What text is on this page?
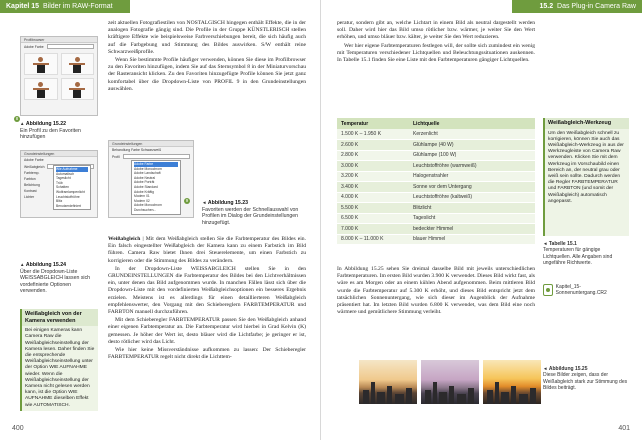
Kapitel 15 Bilder im RAW-Format bearbeiten
Profilbrowser
Adobe Farbe
8
▲ Abbildung 15.22
Ein Profil zu den Favoriten hinzufügen
Grundeinstellungen
Adobe Farbe
Weißabgleich
Farbtemp.
Farbton
Belichtung
Kontrast
Lichter
Wie Aufnahme
Automatisch
Tageslicht
Trüb
Schatten
Wolframlampenlicht
Leuchtstoffröhre
Blitz
Benutzerdefiniert
▲ Abbildung 15.24
Über die Dropdown-Liste WEISSABGLEICH lassen sich vordefinierte Optionen verwenden.
Weißabgleich von der Kamera verwenden
Bei einigen Kameras kann Camera Raw die Weißabgleichseinstellung der Kamera lesen. Daher finden Sie die entsprechende Weißabgleichseinstellung unter der Option WIE AUFNAHME wieder. Wenn die Weißabgleichseinstellung der Kamera nicht gelesen werden kann, ist die Option WIE AUFNAHME dieselben Effekt wie AUTOMATISCH.

zeit aktuellen Fotografiestilen von NOSTALGISCH hingegen enthält Effekte, die in der analogen Fotografie gängig sind. Die Profile in der Gruppe KÜNSTLERISCH stellen kräftigere Effekte wie beispielsweise Farbverschiebungen bereit, die sich häufig auch auf die Farbgebung und Stimmung des Bildes auswirken. S/W enthält reine Schwarzweißprofile.

Wenn Sie bestimmte Profile häufiger verwenden, können Sie diese im Profilbrowser zu den Favoriten hinzufügen, indem Sie auf das Sternsymbol 8 in der Miniaturvorschau der Rasteransicht klicken. Zu den Favoriten hinzugefügte Profile können Sie jetzt ganz komfortabel über die Dropdown-Liste von PROFIL 9 in den Grundeinstellungen auswählen.

Grundeinstellungen
Behandlung
Farbe
Schwarzweiß
Profil
Adobe Farbe
Adobe Monochrom
Adobe Landschaft
Adobe Neutral
Adobe Porträt
Adobe Standard
Adobe Kräftig
Modern 01
Modern 02
Adobe Monochrom
Durchsuchen...
9	◄ Abbildung 15.23
Favoriten werden der Schnellauswahl von Profilen im Dialog der Grundeinstellungen hinzugefügt.

Weißabgleich | Mit dem Weißabgleich stellen Sie die Farbtemperatur des Bildes ein. Ein falsch eingestellter Weißabgleich der Kamera kann zu einem Farbstich im Bild führen. Camera Raw bietet Ihnen drei Steuerelemente, um einen Farbstich zu korrigieren oder die Stimmung des Bildes zu verändern.

In der Dropdown-Liste WEISSABGLEICH stellen Sie in den GRUNDEINSTELLUNGEN die Farbtemperatur des Bildes bei den Lichtverhältnissen ein, unter denen das Bild aufgenommen wurde. In manchen Fällen lässt sich über die Dropdown-Liste mit den vordefinierten Weißabgleichsoptionen ein besseres Ergebnis erzielen. Meistens ist es allerdings für einen detaillierteren Weißabgleich empfehlenswerter, den Vorgang mit den Schiebereglern FARBTEMPERATUR und FARBTON manuell durchzuführen.

Mit dem Schieberegler FARBTEMPERATUR passen Sie den Weißabgleich anhand einer eigenen Farbtemperatur an. Die Farbtemperatur wird hierbei in Grad Kelvin (K) gemessen. Je höher der Wert ist, desto bläuer wird die Lichtfarbe; je geringer er ist, desto rötlicher wird das Licht.

Wie hier keine Missverständnisse aufkommen zu lassen: Der Schieberegler FARBTEMPERATUR regelt nicht direkt die Lichttem-

400
15.2 Das Plug-in Camera Raw

peratur, sondern gibt an, welche Lichtart in einem Bild als neutral dargestellt werden soll. Daher wird hier das Bild umso rötlicher bzw. wärmer, je weiter Sie den Wert erhöhen, und umso bläuer bzw. kälter, je weiter Sie den Wert reduzieren.

Wer hier eigene Farbtemperaturen festlegen will, der sollte sich zumindest ein wenig mit Temperaturen verschiedener Lichtquellen und Beleuchtungssituationen auskennen. In Tabelle 15.1 finden Sie eine Liste mit den Farbtemperaturen gängiger Lichtquellen.

Temperatur	Lichtquelle
1.500 K – 1.950 K	Kerzenlicht
2.600 K	Glühlampe (40 W)
2.800 K	Glühlampe (100 W)
3.000 K	Leuchtstoffröhre (warmweiß)
3.200 K	Halogenstrahler
3.400 K	Sonne vor dem Untergang
4.000 K	Leuchtstoffröhre (kaltweiß)
5.500 K	Blitzlicht
6.500 K	Tageslicht
7.000 K	bedeckter Himmel
8.000 K – 11.000 K	blauer Himmel

In Abbildung 15.25 sehen Sie dreimal dasselbe Bild mit jeweils unterschiedlichen Farbtemperaturen. Im ersten Bild wurden 3.900 K verwendet. Dieses Bild wirkt fast, als wäre es am Morgen oder an einem kühlen Abend aufgenommen. Beim mittleren Bild wurde die Farbtemperatur auf 5.300 K erhöht, und dieses Bild entspricht jetzt dem tatsächlichen Sonnenuntergang, wie sich dieser im Augenblick der Aufnahme präsentiert hat. Im letzten Bild wurden 6.800 K verwendet, was dem Bild eine noch wärmere und gemütlichere Stimmung verleiht.

Weißabgleich-Werkzeug
Um den Weißabgleich schnell zu korrigieren, können Sie auch das Weißabgleich-Werkzeug in aus der Werkzeugleiste von Camera Raw verwenden. Klicken Sie mit dem Werkzeug im Vorschaubild einen Bereich an, der neutral grau oder weiß sein sollte. Dadurch werden die Regler FARBTEMPERATUR und FARBTON (und somit der Weißabgleich) automatisch angepasst.
◄ Tabelle 15.1
Temperaturen für gängige Lichtquellen. Alle Angaben sind ungefähre Richtwerte.
Kapitel_15-Sonnenuntergang.CR2
◄ Abbildung 15.25
Diese Bilder zeigen, dass der Weißabgleich stark zur Stimmung des Bildes beiträgt.
401
